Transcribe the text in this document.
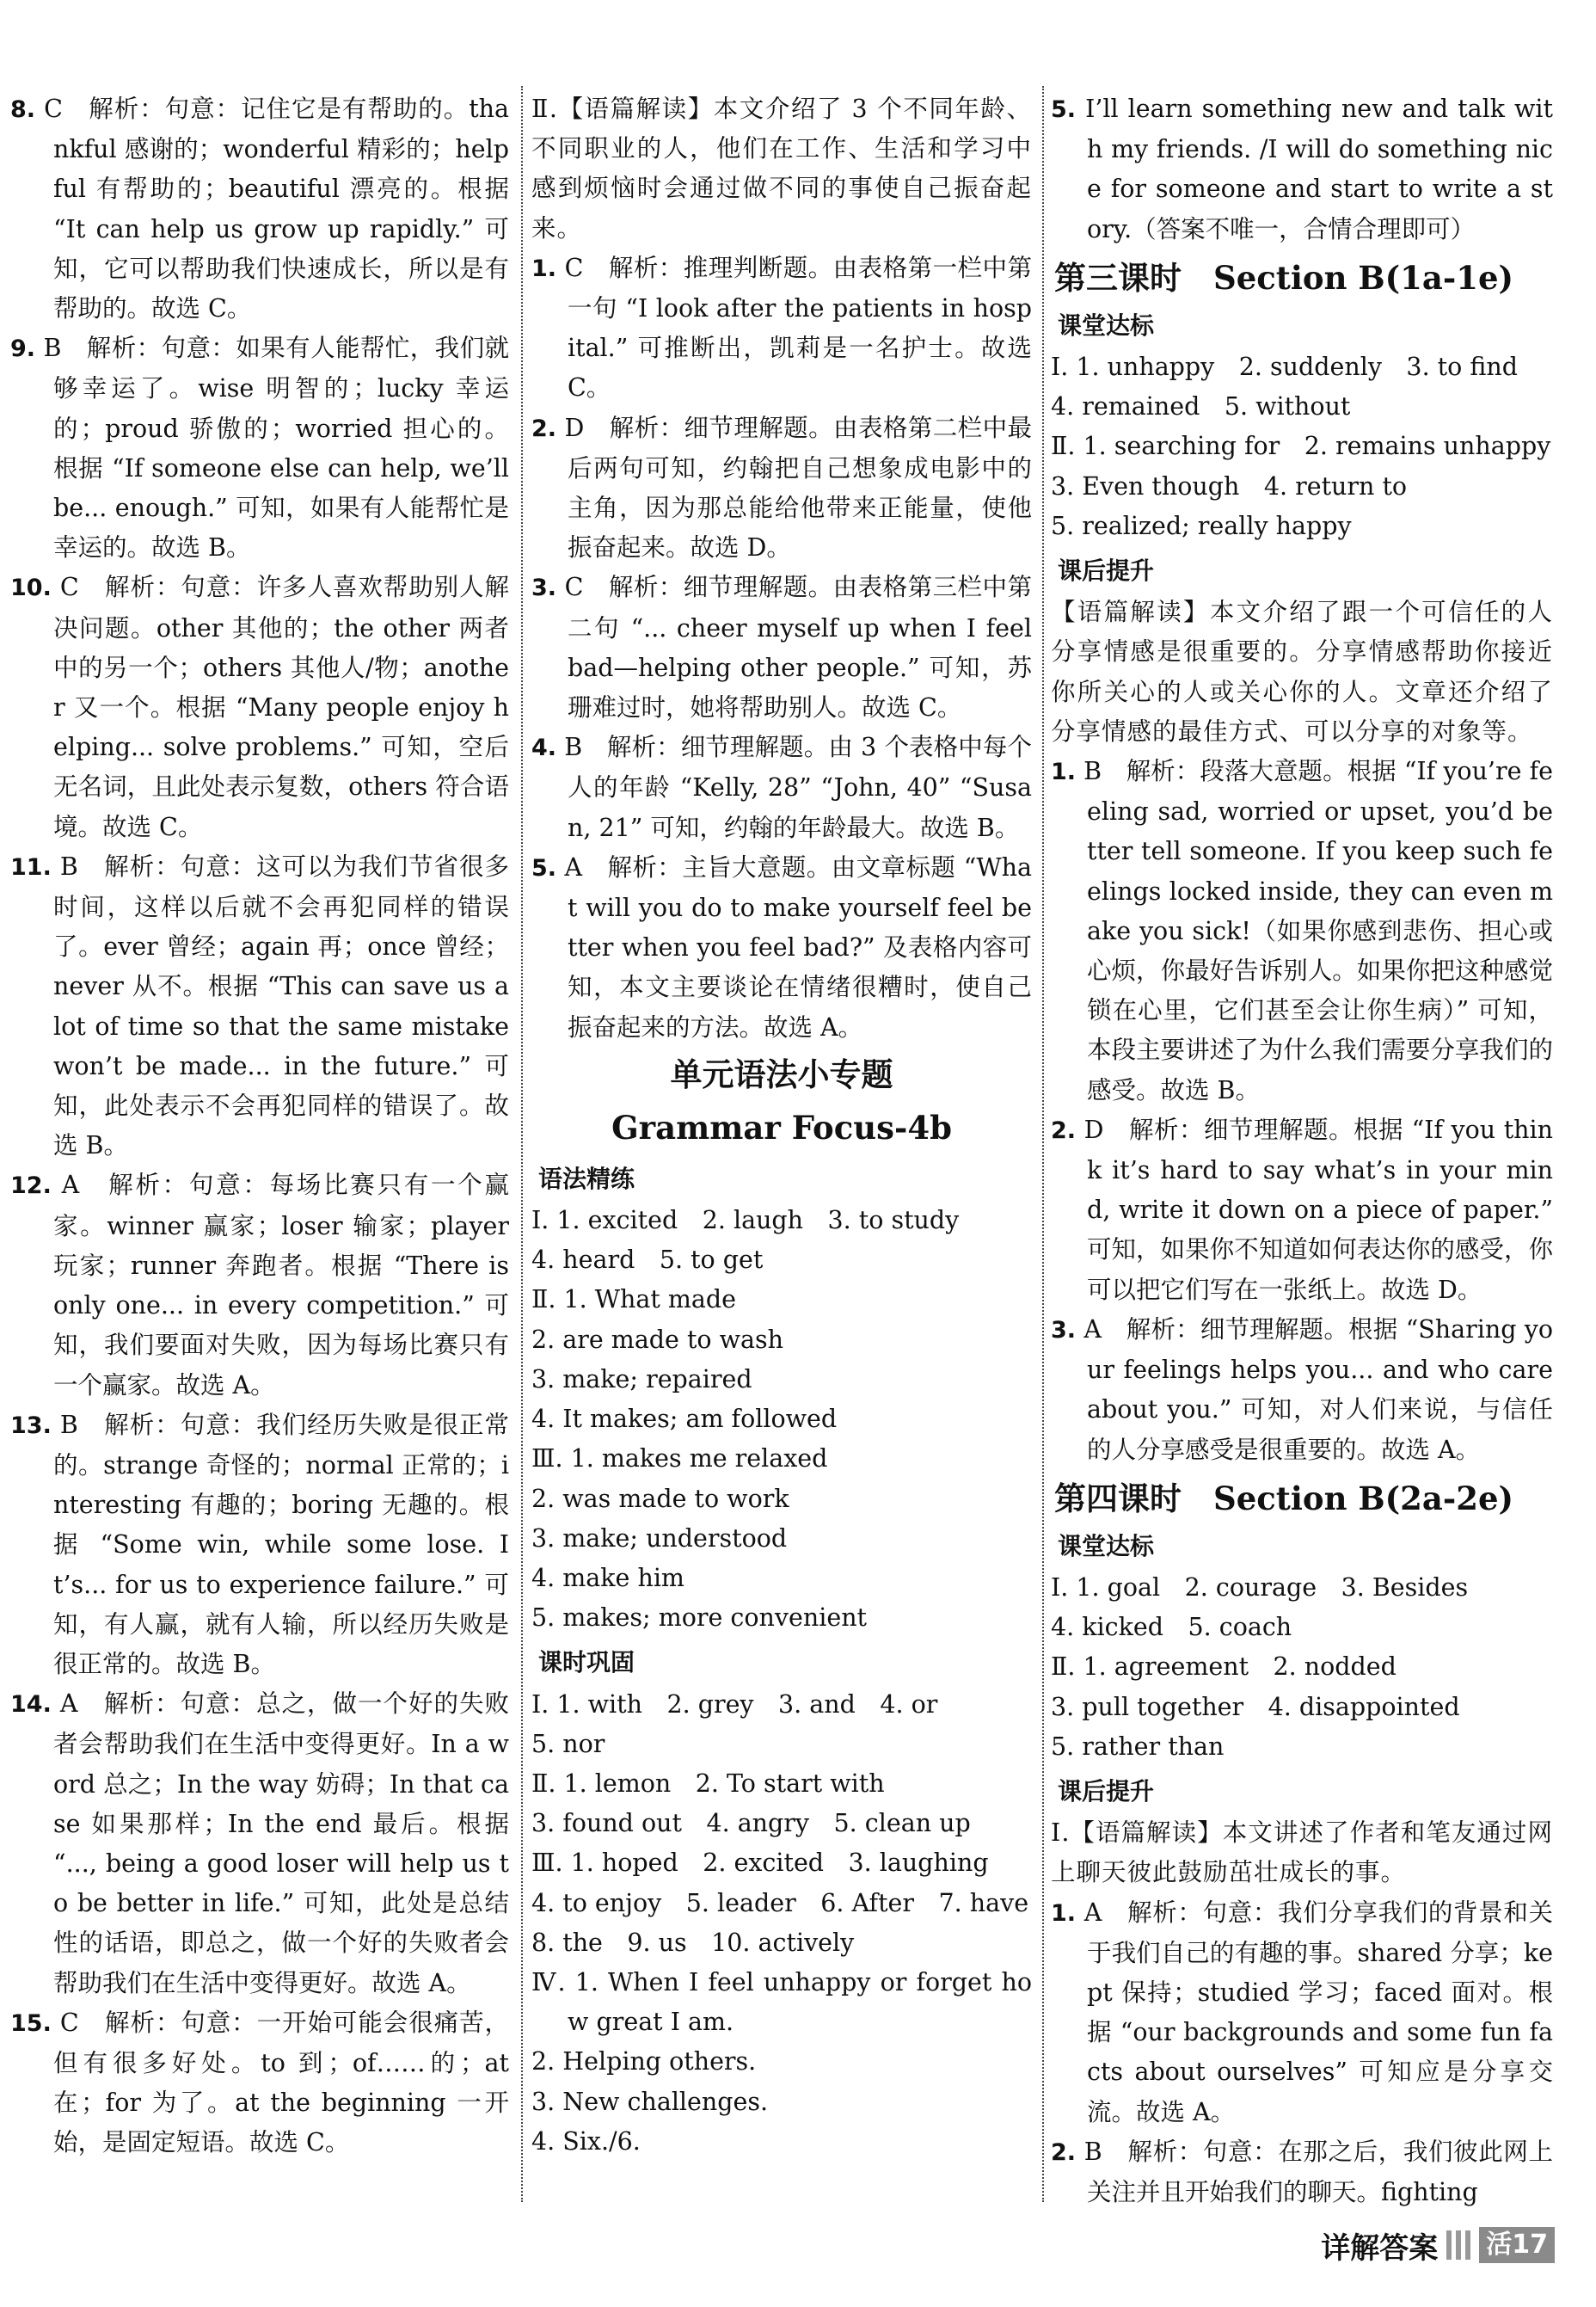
8. C　解析：句意：记住它是有帮助的。thankful 感谢的；wonderful 精彩的；helpful 有帮助的；beautiful 漂亮的。根据 “It can help us grow up rapidly.” 可知，它可以帮助我们快速成长，所以是有帮助的。故选 C。

9. B　解析：句意：如果有人能帮忙，我们就够幸运了。wise 明智的；lucky 幸运的；proud 骄傲的；worried 担心的。根据 “If someone else can help, we’ll be... enough.” 可知，如果有人能帮忙是幸运的。故选 B。

10. C　解析：句意：许多人喜欢帮助别人解决问题。other 其他的；the other 两者中的另一个；others 其他人/物；another 又一个。根据 “Many people enjoy helping... solve problems.” 可知，空后无名词，且此处表示复数，others 符合语境。故选 C。

11. B　解析：句意：这可以为我们节省很多时间，这样以后就不会再犯同样的错误了。ever 曾经；again 再；once 曾经；never 从不。根据 “This can save us a lot of time so that the same mistake won’t be made... in the future.” 可知，此处表示不会再犯同样的错误了。故选 B。

12. A　解析：句意：每场比赛只有一个赢家。winner 赢家；loser 输家；player 玩家；runner 奔跑者。根据 “There is only one... in every competition.” 可知，我们要面对失败，因为每场比赛只有一个赢家。故选 A。

13. B　解析：句意：我们经历失败是很正常的。strange 奇怪的；normal 正常的；interesting 有趣的；boring 无趣的。根据 “Some win, while some lose. It’s... for us to experience failure.” 可知，有人赢，就有人输，所以经历失败是很正常的。故选 B。

14. A　解析：句意：总之，做一个好的失败者会帮助我们在生活中变得更好。In a word 总之；In the way 妨碍；In that case 如果那样；In the end 最后。根据 “..., being a good loser will help us to be better in life.” 可知，此处是总结性的话语，即总之，做一个好的失败者会帮助我们在生活中变得更好。故选 A。

15. C　解析：句意：一开始可能会很痛苦，但有很多好处。to 到；of……的；at 在；for 为了。at the beginning 一开始，是固定短语。故选 C。

Ⅱ.【语篇解读】本文介绍了 3 个不同年龄、不同职业的人，他们在工作、生活和学习中感到烦恼时会通过做不同的事使自己振奋起来。

1. C　解析：推理判断题。由表格第一栏中第一句 “I look after the patients in hospital.” 可推断出，凯莉是一名护士。故选 C。

2. D　解析：细节理解题。由表格第二栏中最后两句可知，约翰把自己想象成电影中的主角，因为那总能给他带来正能量，使他振奋起来。故选 D。

3. C　解析：细节理解题。由表格第三栏中第二句 “... cheer myself up when I feel bad—helping other people.” 可知，苏珊难过时，她将帮助别人。故选 C。

4. B　解析：细节理解题。由 3 个表格中每个人的年龄 “Kelly, 28” “John, 40” “Susan, 21” 可知，约翰的年龄最大。故选 B。

5. A　解析：主旨大意题。由文章标题 “What will you do to make yourself feel better when you feel bad?” 及表格内容可知，本文主要谈论在情绪很糟时，使自己振奋起来的方法。故选 A。

单元语法小专题

Grammar Focus-4b

语法精练

Ⅰ. 1. excited　2. laugh　3. to study

4. heard　5. to get

Ⅱ. 1. What made

2. are made to wash

3. make; repaired

4. It makes; am followed

Ⅲ. 1. makes me relaxed

2. was made to work

3. make; understood

4. make him

5. makes; more convenient

课时巩固

Ⅰ. 1. with　2. grey　3. and　4. or

5. nor

Ⅱ. 1. lemon　2. To start with

3. found out　4. angry　5. clean up

Ⅲ. 1. hoped　2. excited　3. laughing

4. to enjoy　5. leader　6. After　7. have

8. the　9. us　10. actively

Ⅳ. 1. When I feel unhappy or forget how great I am.

2. Helping others.

3. New challenges.

4. Six./6.

5. I’ll learn something new and talk with my friends. /I will do something nice for someone and start to write a story.（答案不唯一，合情合理即可）

第三课时　Section B(1a-1e)

课堂达标

Ⅰ. 1. unhappy　2. suddenly　3. to find

4. remained　5. without

Ⅱ. 1. searching for　2. remains unhappy

3. Even though　4. return to

5. realized; really happy

课后提升

【语篇解读】本文介绍了跟一个可信任的人分享情感是很重要的。分享情感帮助你接近你所关心的人或关心你的人。文章还介绍了分享情感的最佳方式、可以分享的对象等。

1. B　解析：段落大意题。根据 “If you’re feeling sad, worried or upset, you’d better tell someone. If you keep such feelings locked inside, they can even make you sick!（如果你感到悲伤、担心或心烦，你最好告诉别人。如果你把这种感觉锁在心里，它们甚至会让你生病）” 可知，本段主要讲述了为什么我们需要分享我们的感受。故选 B。

2. D　解析：细节理解题。根据 “If you think it’s hard to say what’s in your mind, write it down on a piece of paper.” 可知，如果你不知道如何表达你的感受，你可以把它们写在一张纸上。故选 D。

3. A　解析：细节理解题。根据 “Sharing your feelings helps you... and who care about you.” 可知，对人们来说，与信任的人分享感受是很重要的。故选 A。

第四课时　Section B(2a-2e)

课堂达标

Ⅰ. 1. goal　2. courage　3. Besides

4. kicked　5. coach

Ⅱ. 1. agreement　2. nodded

3. pull together　4. disappointed

5. rather than

课后提升

Ⅰ.【语篇解读】本文讲述了作者和笔友通过网上聊天彼此鼓励茁壮成长的事。

1. A　解析：句意：我们分享我们的背景和关于我们自己的有趣的事。shared 分享；kept 保持；studied 学习；faced 面对。根据 “our backgrounds and some fun facts about ourselves” 可知应是分享交流。故选 A。

2. B　解析：句意：在那之后，我们彼此网上关注并且开始我们的聊天。fighting

详解答案 活17
